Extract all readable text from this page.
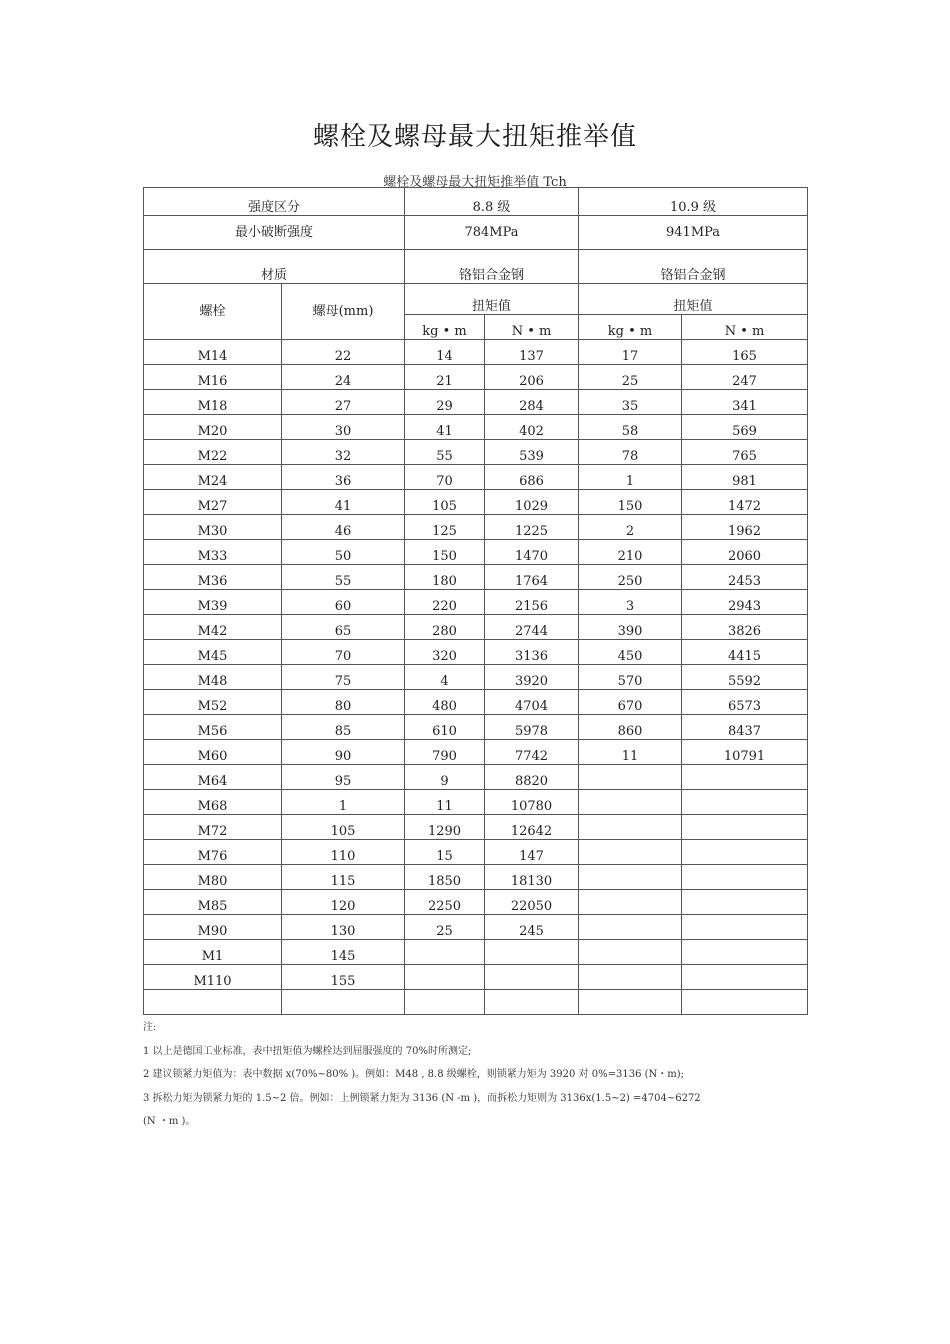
螺栓及螺母最大扭矩推举值
螺栓及螺母最大扭矩推举值 Tch
强度区分		8.8 级		10.9 级	
最小破断强度		784MPa		941MPa	
材质		铬铝合金钢		铬铝合金钢	
螺栓	螺母(mm)	扭矩值		扭矩值	
		kg • m	N • m	kg • m	N • m
M14	22	14	137	17	165
M16	24	21	206	25	247
M18	27	29	284	35	341
M20	30	41	402	58	569
M22	32	55	539	78	765
M24	36	70	686	1	981
M27	41	105	1029	150	1472
M30	46	125	1225	2	1962
M33	50	150	1470	210	2060
M36	55	180	1764	250	2453
M39	60	220	2156	3	2943
M42	65	280	2744	390	3826
M45	70	320	3136	450	4415
M48	75	4	3920	570	5592
M52	80	480	4704	670	6573
M56	85	610	5978	860	8437
M60	90	790	7742	11	10791
M64	95	9	8820		
M68	1	11	10780		
M72	105	1290	12642		
M76	110	15	147		
M80	115	1850	18130		
M85	120	2250	22050		
M90	130	25	245		
M1	145				
M110	155				

注:
1 以上是德国工业标准，表中扭矩值为螺栓达到屈服强度的 70%时所测定;
2 建议锁紧力矩值为：表中数据 x(70%~80% )。例如：M48 , 8.8 级螺栓，则锁紧力矩为 3920 对 0%=3136 (N・m);
3 拆松力矩为锁紧力矩的 1.5~2 倍。例如：上例锁紧力矩为 3136 (N -m )，而拆松力矩则为 3136x(1.5~2) =4704~6272
(N ・m )。
